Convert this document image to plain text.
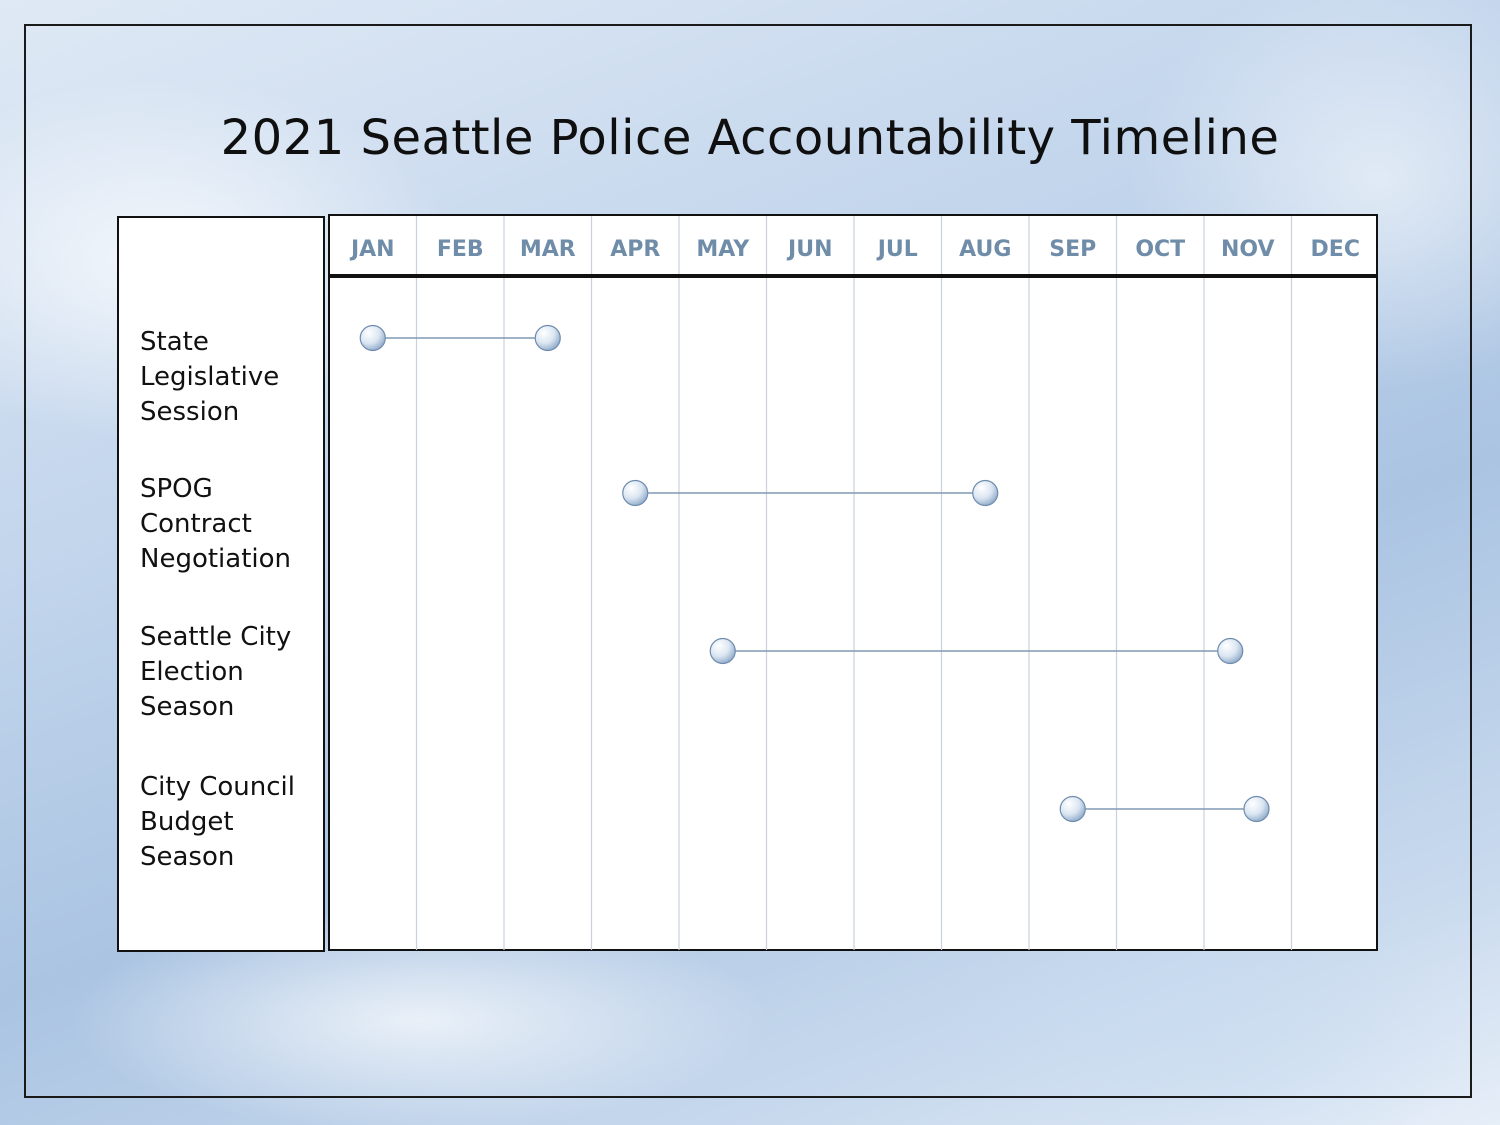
2021 Seattle Police Accountability Timeline
State
Legislative
Session
SPOG
Contract
Negotiation
Seattle City
Election
Season
City Council
Budget
Season
JAN FEB MAR APR MAY JUN JUL AUG SEP OCT NOV DEC
